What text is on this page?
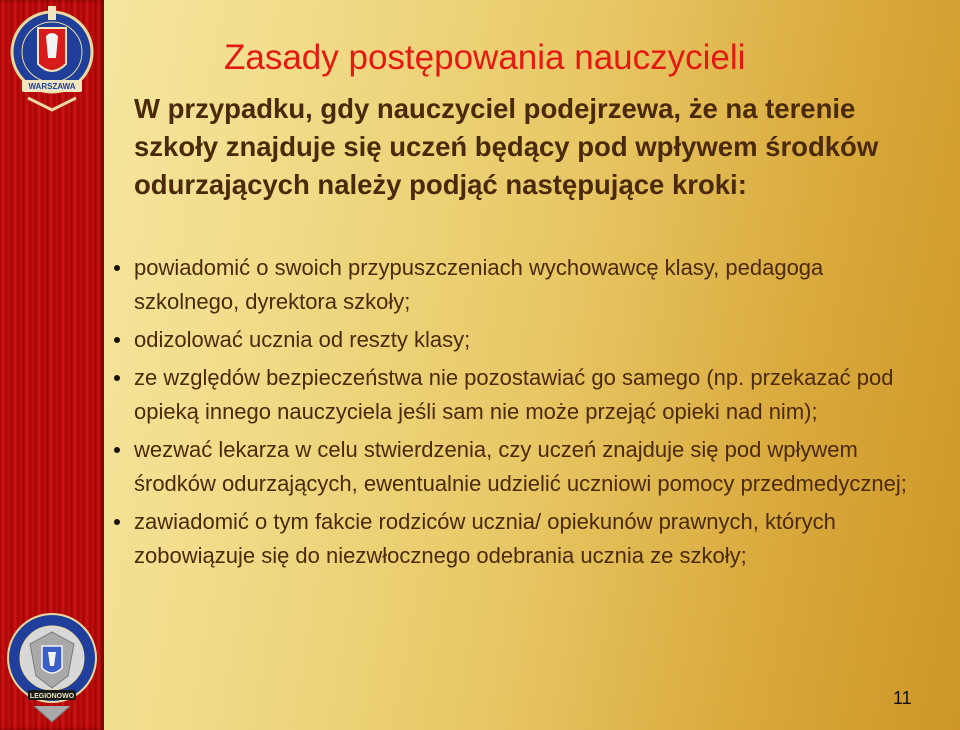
WARSZAWA
LEGIONOWO
Zasady postępowania nauczycieli

W przypadku, gdy nauczyciel podejrzewa, że na terenie szkoły znajduje się uczeń będący pod wpływem środków odurzających należy podjąć następujące kroki:

powiadomić o swoich przypuszczeniach wychowawcę klasy, pedagoga szkolnego, dyrektora szkoły;
odizolować ucznia od reszty klasy;
ze względów bezpieczeństwa nie pozostawiać go samego (np. przekazać pod opieką innego nauczyciela jeśli sam nie może przejąć opieki nad nim);
wezwać lekarza w celu stwierdzenia, czy uczeń znajduje się pod wpływem środków odurzających, ewentualnie udzielić uczniowi pomocy przedmedycznej;
zawiadomić o tym fakcie rodziców ucznia/ opiekunów prawnych, których zobowiązuje się do niezwłocznego odebrania ucznia ze szkoły;
11
